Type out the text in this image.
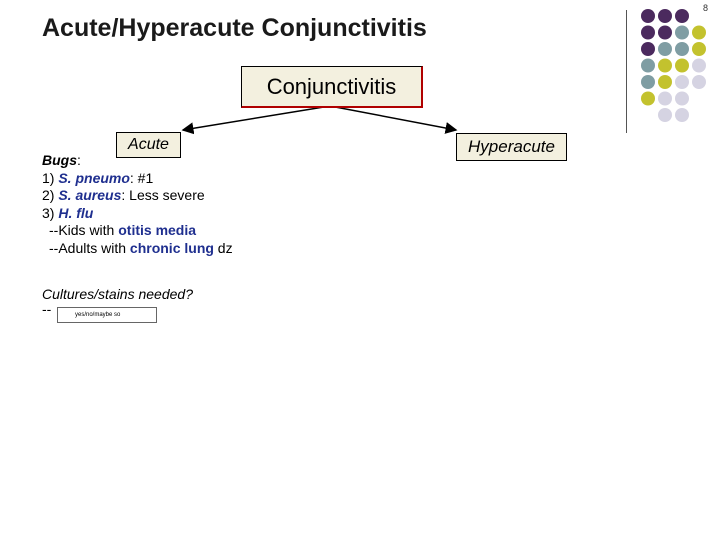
8
Acute/Hyperacute Conjunctivitis
Conjunctivitis
Acute	Hyperacute
Bugs:
1) S. pneumo: #1
2) S. aureus: Less severe
3) H. flu
--Kids with otitis media
--Adults with chronic lung dz
Cultures/stains needed?
--	yes/no/maybe so
